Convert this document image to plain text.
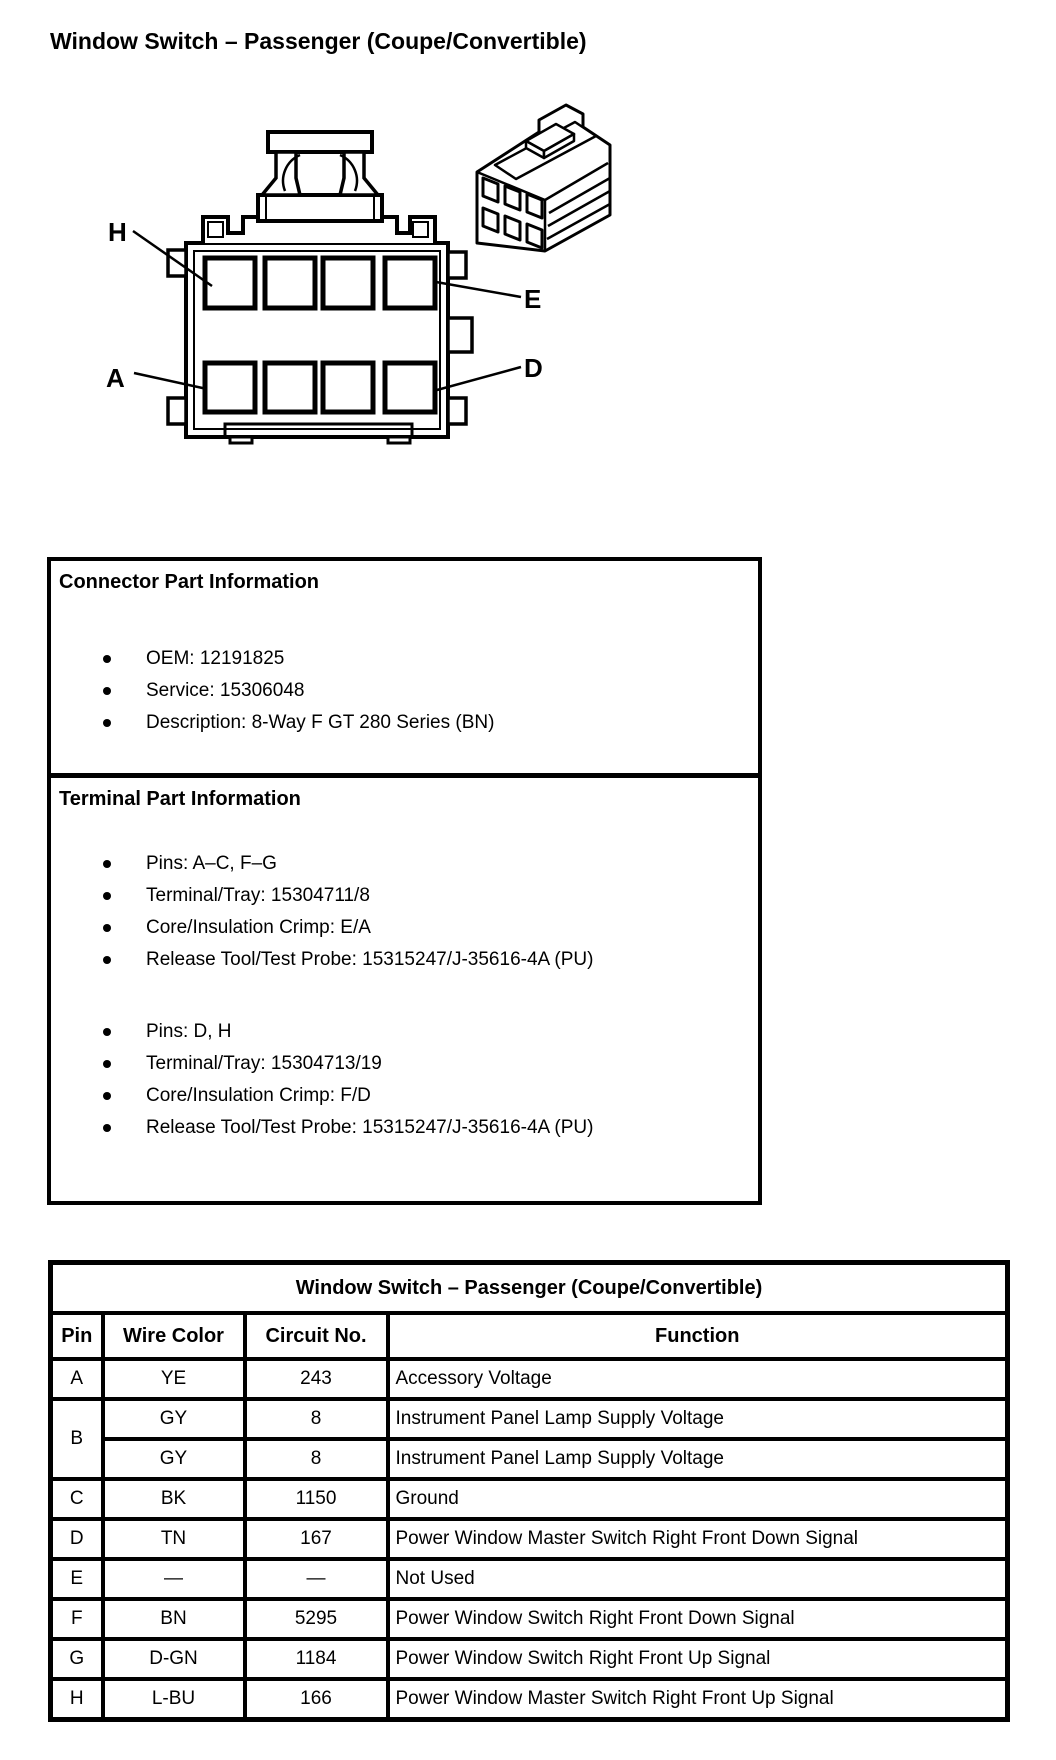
Window Switch – Passenger (Coupe/Convertible)
H
E
A	D
Connector Part Information
OEM: 12191825
Service: 15306048
Description: 8-Way F GT 280 Series (BN)
Terminal Part Information
Pins: A–C, F–G
Terminal/Tray: 15304711/8
Core/Insulation Crimp: E/A
Release Tool/Test Probe: 15315247/J-35616-4A (PU)
Pins: D, H
Terminal/Tray: 15304713/19
Core/Insulation Crimp: F/D
Release Tool/Test Probe: 15315247/J-35616-4A (PU)
Window Switch – Passenger (Coupe/Convertible)			
Pin	Wire Color	Circuit No.	Function
A	YE	243	Accessory Voltage
B	GY	8	Instrument Panel Lamp Supply Voltage
	GY	8	Instrument Panel Lamp Supply Voltage
C	BK	1150	Ground
D	TN	167	Power Window Master Switch Right Front Down Signal
E	—	—	Not Used
F	BN	5295	Power Window Switch Right Front Down Signal
G	D-GN	1184	Power Window Switch Right Front Up Signal
H	L-BU	166	Power Window Master Switch Right Front Up Signal
